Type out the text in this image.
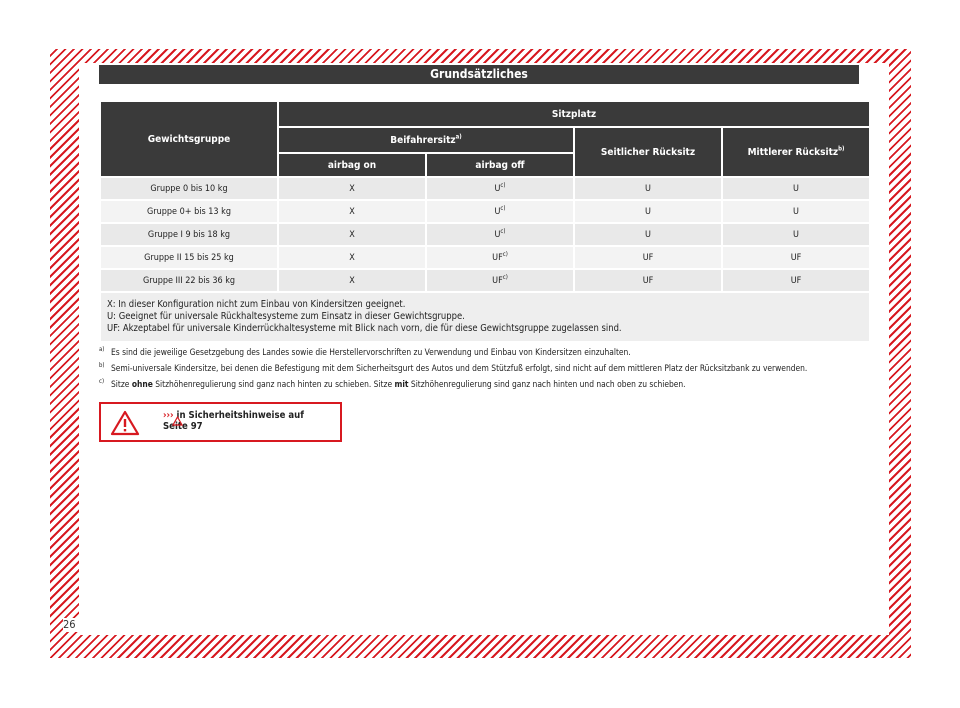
Grundsätzliches
Gewichtsgruppe	Sitzplatz			
	Beifahrersitz$^{a)}$		Seitlicher Rücksitz	Mittlerer Rücksitz$^{b)}$
	airbag on	airbag off		
Gruppe 0 bis 10 kg	X	$U^{c)}$	U	U
Gruppe 0+ bis 13 kg	X	$U^{c)}$	U	U
Gruppe I 9 bis 18 kg	X	$U^{c)}$	U	U
Gruppe II 15 bis 25 kg	X	UF$^{c)}$	UF	UF
Gruppe III 22 bis 36 kg	X	UF$^{c)}$	UF	UF

X: In dieser Konfiguration nicht zum Einbau von Kindersitzen geeignet.
U: Geeignet für universale Rückhaltesysteme zum Einsatz in dieser Gewichtsgruppe.
UF: Akzeptabel für universale Kinderrückhaltesysteme mit Blick nach vorn, die für diese Gewichtsgruppe zugelassen sind.				
a) Es sind die jeweilige Gesetzgebung des Landes sowie die Herstellervorschriften zu Verwendung und Einbau von Kindersitzen einzuhalten.
b) Semi-universale Kindersitze, bei denen die Befestigung mit dem Sicherheitsgurt des Autos und dem Stützfuß erfolgt, sind nicht auf dem mittleren Platz der Rücksitzbank zu verwenden.
c) Sitze ohne Sitzhöhenregulierung sind ganz nach hinten zu schieben. Sitze mit Sitzhöhenregulierung sind ganz nach hinten und nach oben zu schieben.
››› in Sicherheitshinweise auf
Seite 97
26
